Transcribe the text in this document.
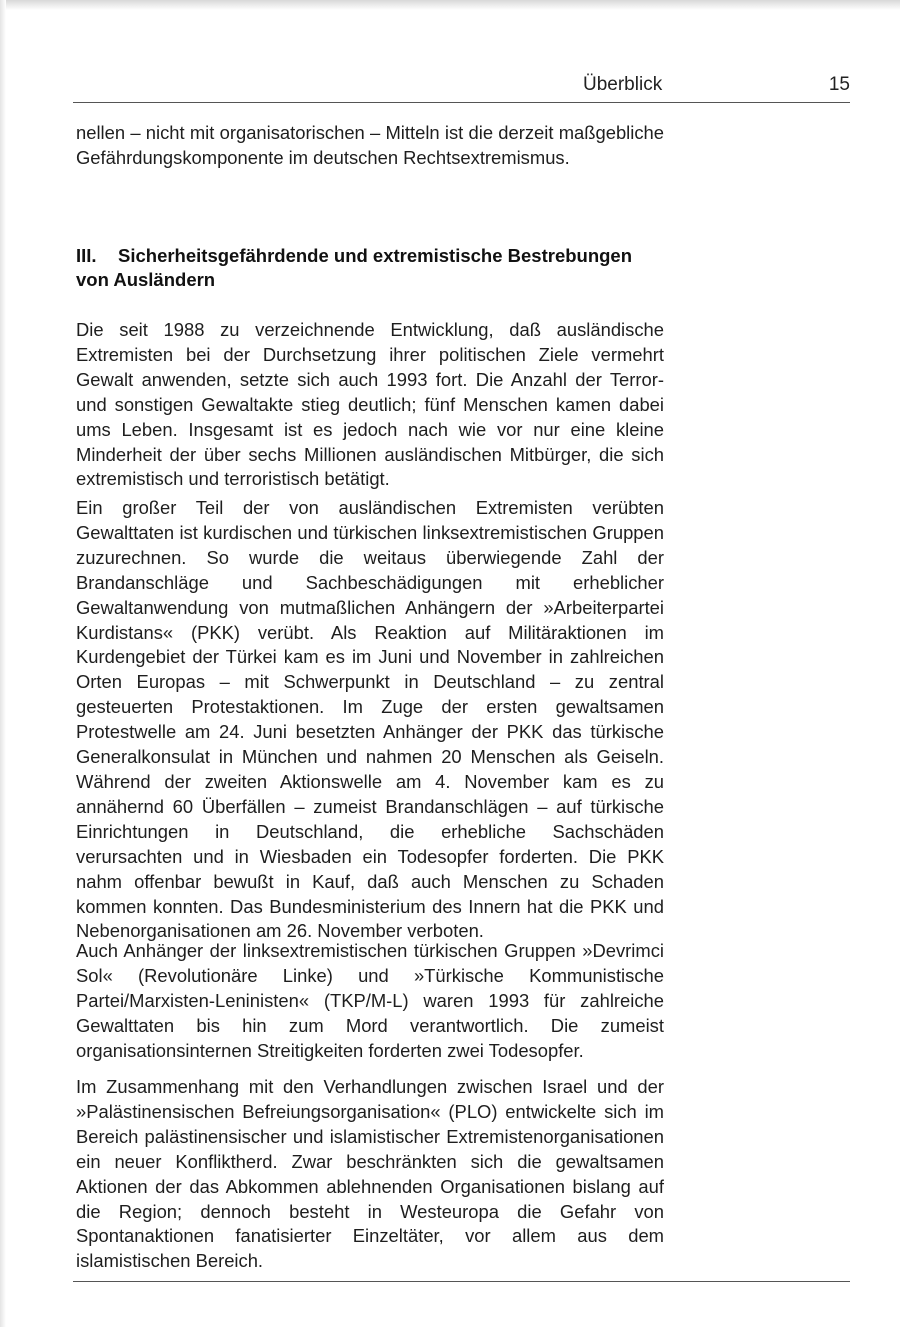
Überblick	15

nellen – nicht mit organisatorischen – Mitteln ist die derzeit maßgebliche Gefährdungskomponente im deutschen Rechtsextremismus.

III. Sicherheitsgefährdende und extremistische Bestrebungen
von Ausländern

Die seit 1988 zu verzeichnende Entwicklung, daß ausländische Extremisten bei der Durchsetzung ihrer politischen Ziele vermehrt Gewalt anwenden, setzte sich auch 1993 fort. Die Anzahl der Terror- und sonstigen Gewaltakte stieg deutlich; fünf Menschen kamen dabei ums Leben. Insgesamt ist es jedoch nach wie vor nur eine kleine Minderheit der über sechs Millionen ausländischen Mitbürger, die sich extremistisch und terroristisch betätigt.

Ein großer Teil der von ausländischen Extremisten verübten Gewalttaten ist kurdischen und türkischen linksextremistischen Gruppen zuzurechnen. So wurde die weitaus überwiegende Zahl der Brandanschläge und Sachbeschädigungen mit erheblicher Gewaltanwendung von mutmaßlichen Anhängern der »Arbeiterpartei Kurdistans« (PKK) verübt. Als Reaktion auf Militäraktionen im Kurdengebiet der Türkei kam es im Juni und November in zahlreichen Orten Europas – mit Schwerpunkt in Deutschland – zu zentral gesteuerten Protestaktionen. Im Zuge der ersten gewaltsamen Protestwelle am 24. Juni besetzten Anhänger der PKK das türkische Generalkonsulat in München und nahmen 20 Menschen als Geiseln. Während der zweiten Aktionswelle am 4. November kam es zu annähernd 60 Überfällen – zumeist Brandanschlägen – auf türkische Einrichtungen in Deutschland, die erhebliche Sachschäden verursachten und in Wiesbaden ein Todesopfer forderten. Die PKK nahm offenbar bewußt in Kauf, daß auch Menschen zu Schaden kommen konnten. Das Bundesministerium des Innern hat die PKK und Nebenorganisationen am 26. November verboten.

Auch Anhänger der linksextremistischen türkischen Gruppen »Devrimci Sol« (Revolutionäre Linke) und »Türkische Kommunistische Partei/Marxisten-Leninisten« (TKP/M-L) waren 1993 für zahlreiche Gewalttaten bis hin zum Mord verantwortlich. Die zumeist organisationsinternen Streitigkeiten forderten zwei Todesopfer.

Im Zusammenhang mit den Verhandlungen zwischen Israel und der »Palästinensischen Befreiungsorganisation« (PLO) entwickelte sich im Bereich palästinensischer und islamistischer Extremistenorganisationen ein neuer Konfliktherd. Zwar beschränkten sich die gewaltsamen Aktionen der das Abkommen ablehnenden Organisationen bislang auf die Region; dennoch besteht in Westeuropa die Gefahr von Spontanaktionen fanatisierter Einzeltäter, vor allem aus dem islamistischen Bereich.
